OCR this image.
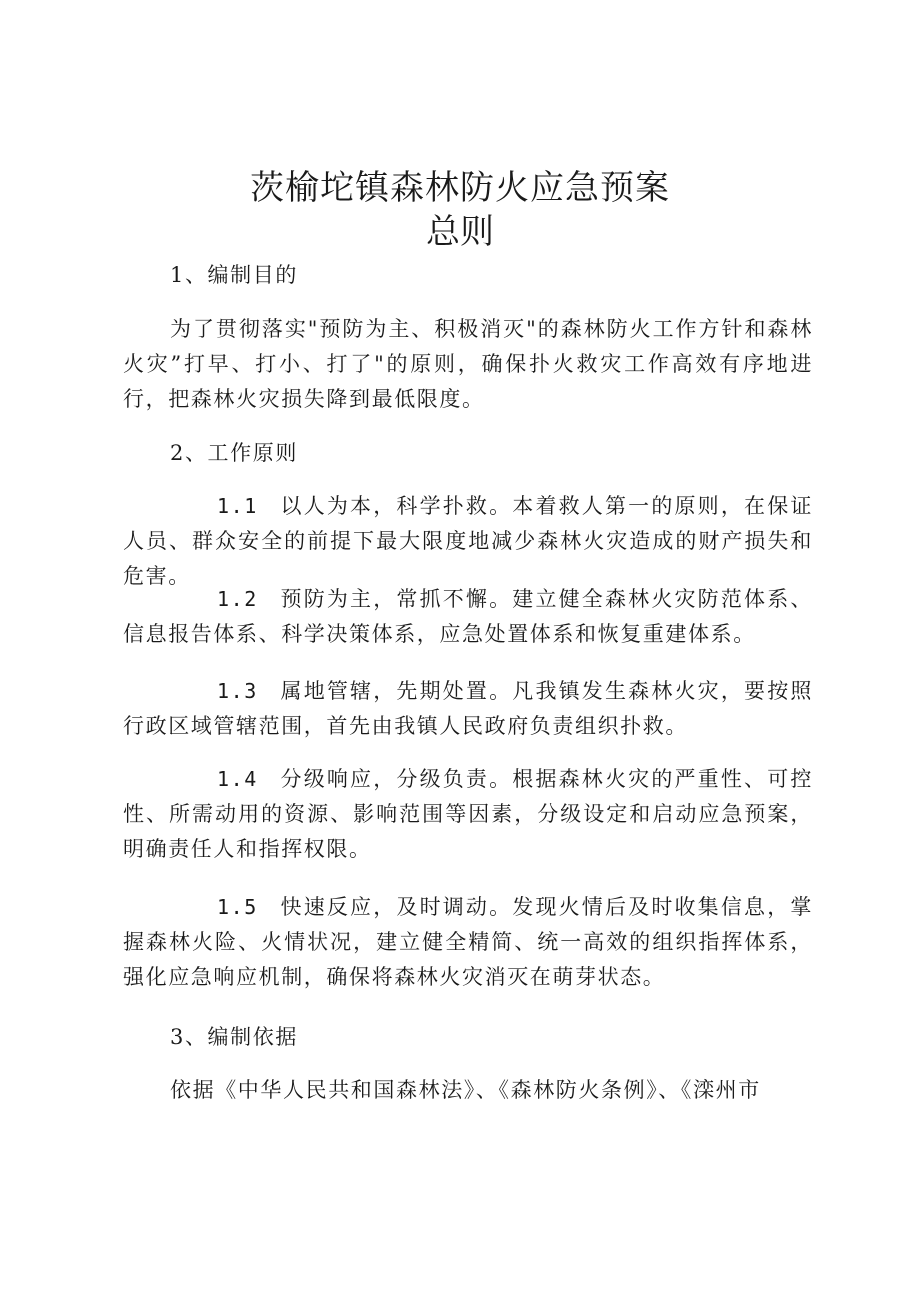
茨榆坨镇森林防火应急预案
总则
1、编制目的

为了贯彻落实"预防为主、积极消灭"的森林防火工作方针和森林火灾”打早、打小、打了"的原则，确保扑火救灾工作高效有序地进行，把森林火灾损失降到最低限度。

2、工作原则

1.1 以人为本，科学扑救。本着救人第一的原则，在保证人员、群众安全的前提下最大限度地减少森林火灾造成的财产损失和危害。

1.2 预防为主，常抓不懈。建立健全森林火灾防范体系、信息报告体系、科学决策体系，应急处置体系和恢复重建体系。

1.3 属地管辖，先期处置。凡我镇发生森林火灾，要按照行政区域管辖范围，首先由我镇人民政府负责组织扑救。

1.4 分级响应，分级负责。根据森林火灾的严重性、可控性、所需动用的资源、影响范围等因素，分级设定和启动应急预案，明确责任人和指挥权限。

1.5 快速反应，及时调动。发现火情后及时收集信息，掌握森林火险、火情状况，建立健全精简、统一高效的组织指挥体系，强化应急响应机制，确保将森林火灾消灭在萌芽状态。

3、编制依据

依据《中华人民共和国森林法》、《森林防火条例》、《滦州市
